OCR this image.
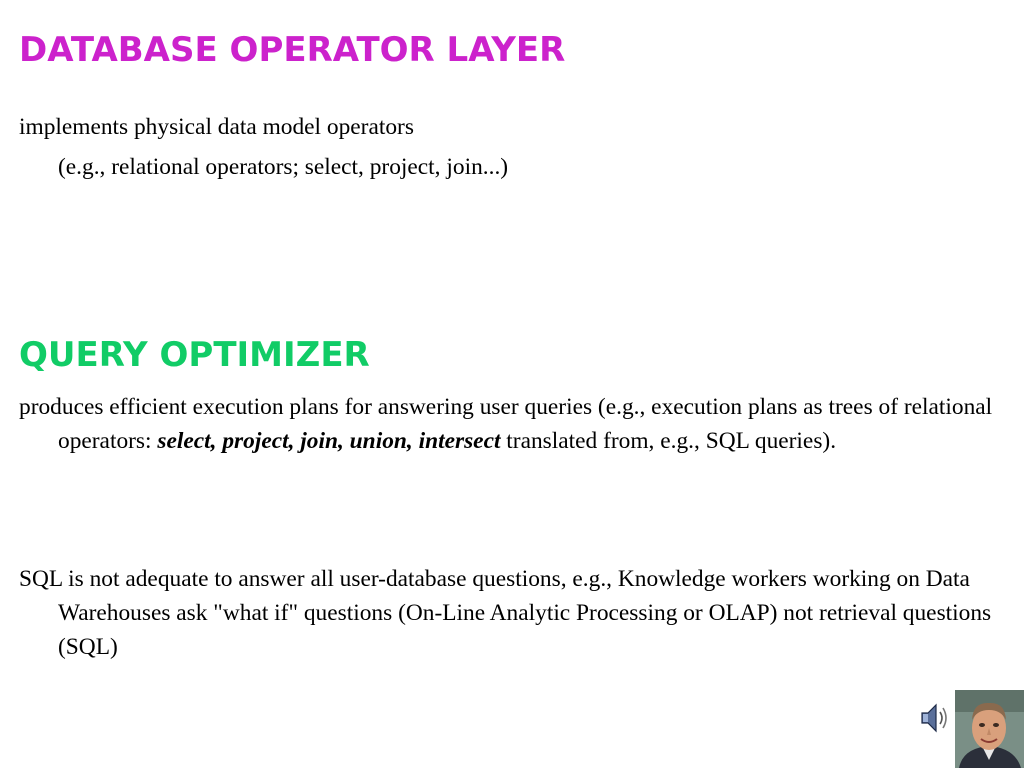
DATABASE OPERATOR LAYER

implements physical data model operators

(e.g., relational operators; select, project, join...)

QUERY OPTIMIZER

produces efficient execution plans for answering user queries (e.g., execution plans as trees of relational operators: select, project, join, union, intersect translated from, e.g., SQL queries).

SQL is not adequate to answer all user-database questions, e.g., Knowledge workers working on Data Warehouses ask "what if" questions (On-Line Analytic Processing or OLAP) not retrieval questions (SQL)
